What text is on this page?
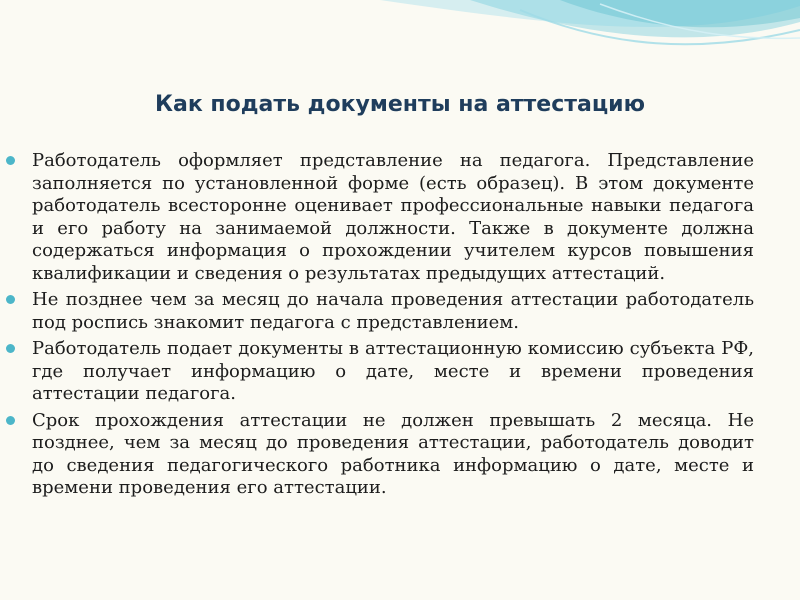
Как подать документы на аттестацию
Работодатель оформляет представление на педагога. Представление заполняется по установленной форме (есть образец). В этом документе работодатель всесторонне оценивает профессиональные навыки педагога и его работу на занимаемой должности. Также в документе должна содержаться информация о прохождении учителем курсов повышения квалификации и сведения о результатах предыдущих аттестаций.
Не позднее чем за месяц до начала проведения аттестации работодатель под роспись знакомит педагога с представлением.
Работодатель подает документы в аттестационную комиссию субъекта РФ, где получает информацию о дате, месте и времени проведения аттестации педагога.
Срок прохождения аттестации не должен превышать 2 месяца. Не позднее, чем за месяц до проведения аттестации, работодатель доводит до сведения педагогического работника информацию о дате, месте и времени проведения его аттестации.
